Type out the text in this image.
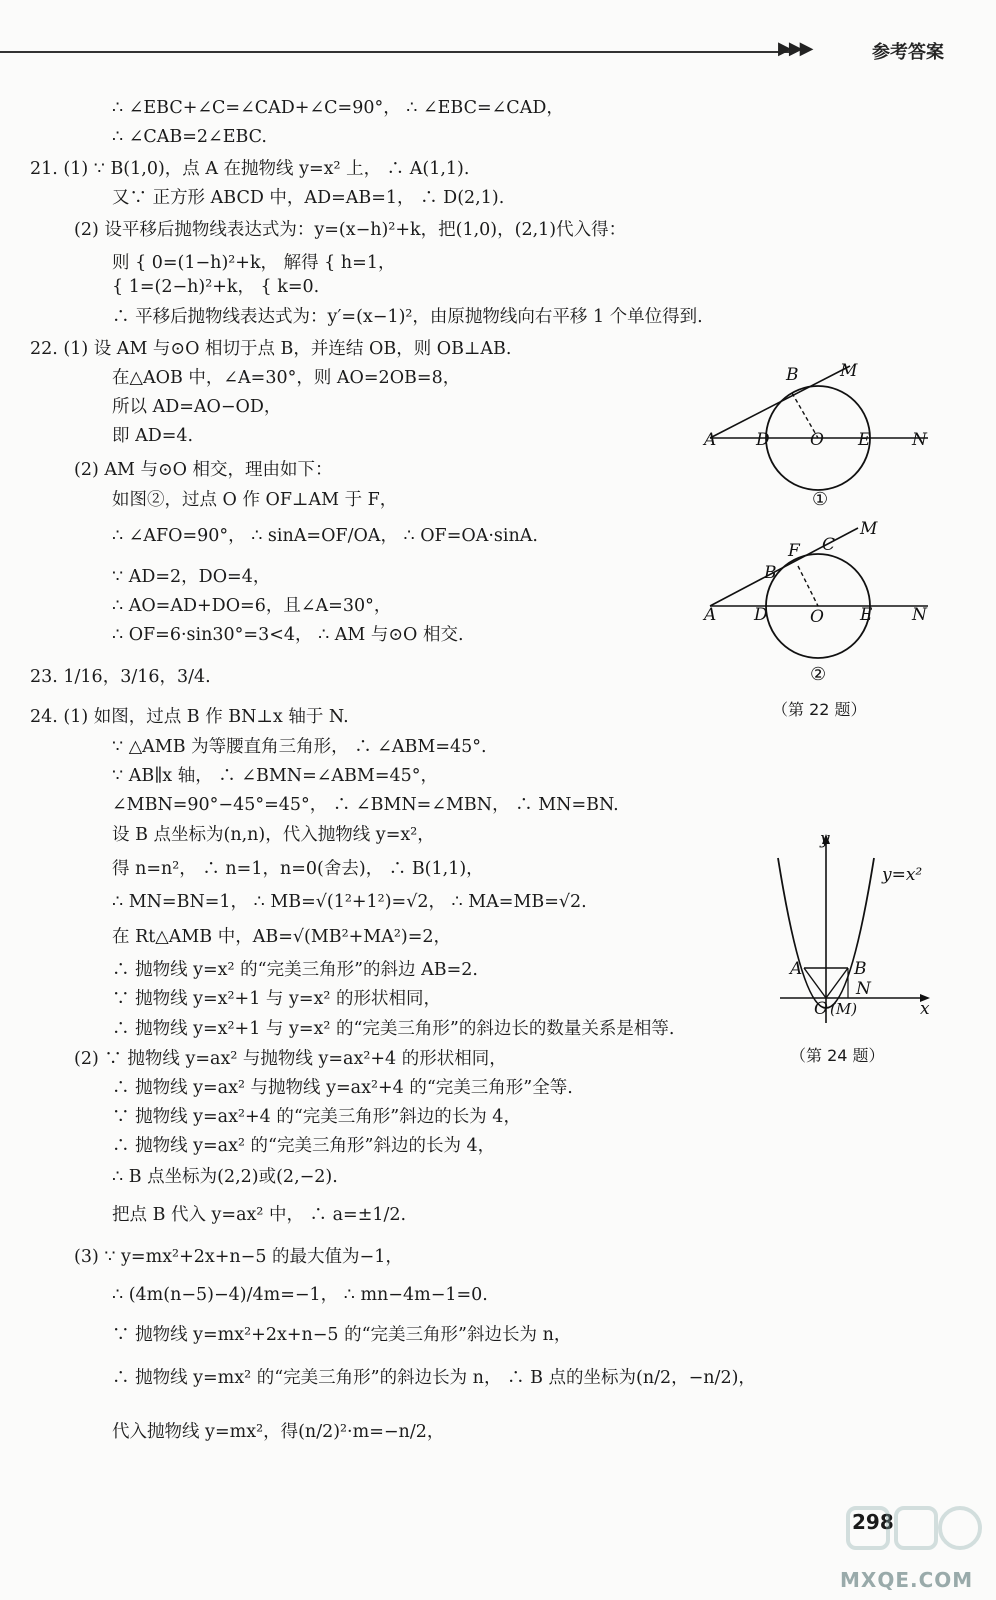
▶▶▶	参考答案
∴ ∠EBC+∠C=∠CAD+∠C=90°， ∴ ∠EBC=∠CAD，
∴ ∠CAB=2∠EBC.
21. (1) ∵ B(1,0)，点 A 在抛物线 y=x² 上， ∴ A(1,1).
又∵ 正方形 ABCD 中，AD=AB=1， ∴ D(2,1).
(2) 设平移后抛物线表达式为：y=(x−h)²+k，把(1,0)，(2,1)代入得：
则 { 0=(1−h)²+k， 解得 { h=1，
{ 1=(2−h)²+k， { k=0.
∴ 平移后抛物线表达式为：y′=(x−1)²，由原抛物线向右平移 1 个单位得到.
22. (1) 设 AM 与⊙O 相切于点 B，并连结 OB，则 OB⊥AB.
在△AOB 中，∠A=30°，则 AO=2OB=8，
所以 AD=AO−OD，
即 AD=4.
(2) AM 与⊙O 相交，理由如下：
如图②，过点 O 作 OF⊥AM 于 F，
∴ ∠AFO=90°， ∴ sinA=OF/OA， ∴ OF=OA·sinA.
∵ AD=2，DO=4，
∴ AO=AD+DO=6，且∠A=30°，
∴ OF=6·sin30°=3<4， ∴ AM 与⊙O 相交.
23. 1/16，3/16，3/4.
24. (1) 如图，过点 B 作 BN⊥x 轴于 N.
∵ △AMB 为等腰直角三角形， ∴ ∠ABM=45°.
∵ AB∥x 轴， ∴ ∠BMN=∠ABM=45°，
∠MBN=90°−45°=45°， ∴ ∠BMN=∠MBN， ∴ MN=BN.
设 B 点坐标为(n,n)，代入抛物线 y=x²，
得 n=n²， ∴ n=1，n=0(舍去)， ∴ B(1,1)，
∴ MN=BN=1， ∴ MB=√(1²+1²)=√2， ∴ MA=MB=√2.
在 Rt△AMB 中，AB=√(MB²+MA²)=2，
∴ 抛物线 y=x² 的“完美三角形”的斜边 AB=2.
∵ 抛物线 y=x²+1 与 y=x² 的形状相同，
∴ 抛物线 y=x²+1 与 y=x² 的“完美三角形”的斜边长的数量关系是相等.
(2) ∵ 抛物线 y=ax² 与抛物线 y=ax²+4 的形状相同，
∴ 抛物线 y=ax² 与抛物线 y=ax²+4 的“完美三角形”全等.
∵ 抛物线 y=ax²+4 的“完美三角形”斜边的长为 4，
∴ 抛物线 y=ax² 的“完美三角形”斜边的长为 4，
∴ B 点坐标为(2,2)或(2,−2).
把点 B 代入 y=ax² 中， ∴ a=±1/2.
(3) ∵ y=mx²+2x+n−5 的最大值为−1，
∴ (4m(n−5)−4)/4m=−1， ∴ mn−4m−1=0.
∵ 抛物线 y=mx²+2x+n−5 的“完美三角形”斜边长为 n，
∴ 抛物线 y=mx² 的“完美三角形”的斜边长为 n， ∴ B 点的坐标为(n/2，−n/2)，
代入抛物线 y=mx²，得(n/2)²·m=−n/2，
A D O E N
B M
①
A D O E N
B
F C
M
②
（第 22 题）
y
x
y=x²
A	B
N
O (M)
（第 24 题）
298
MXQE.COM
